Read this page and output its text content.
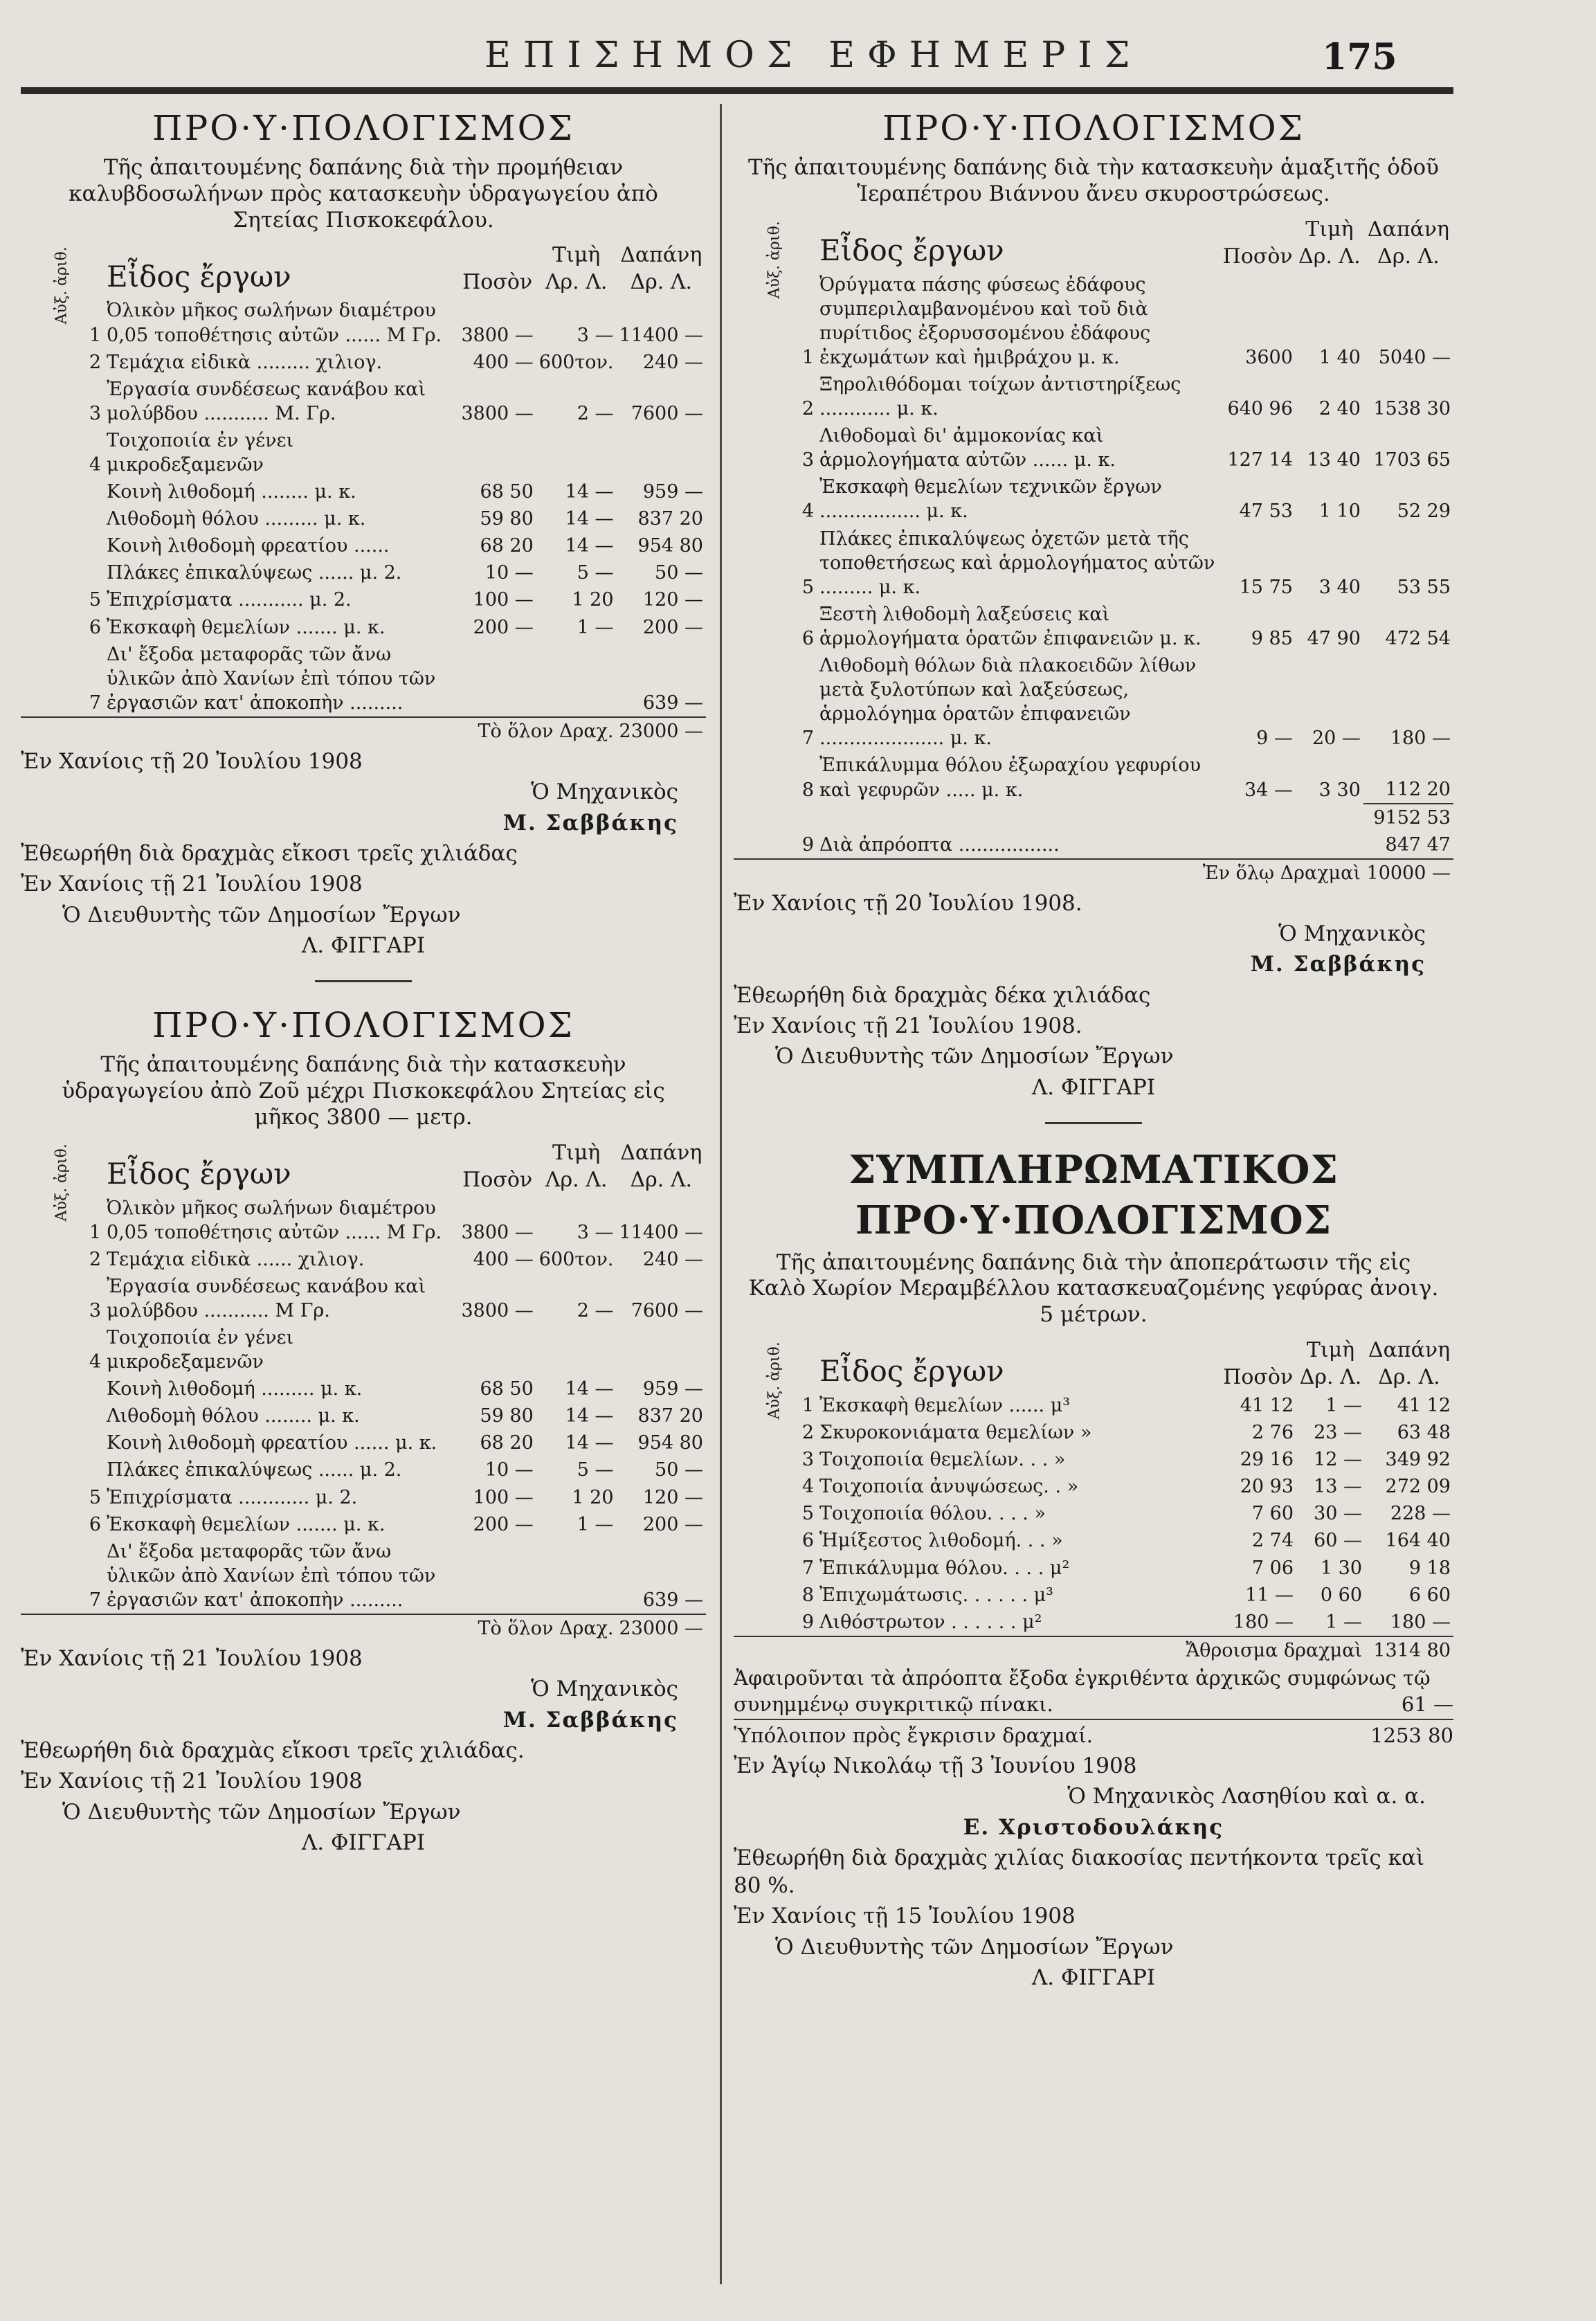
ΕΠΙΣΗΜΟΣ ΕΦΗΜΕΡΙΣ	175
ΠΡΟ·Υ·ΠΟΛΟΓΙΣΜΟΣ
Τῆς ἀπαιτουμένης δαπάνης διὰ τὴν προμήθειαν καλυβδοσωλήνων πρὸς κατασκευὴν ὑδραγωγείου ἀπὸ Σητείας Πισκοκεφάλου.
Αὐξ. ἀριθ.	Εἶδος ἔργων	Ποσὸν	Τιμὴ
Λρ. Λ.	Δαπάνη
Δρ. Λ.
1	Ὀλικὸν μῆκος σωλήνων διαμέτρου 0,05 τοποθέτησις αὐτῶν ...... Μ Γρ.	3800 —	3 —	11400 —
2	Τεμάχια εἰδικὰ ......... χιλιογ.	400 —	600τον.	240 —
3	Ἐργασία συνδέσεως κανάβου καὶ μολύβδου ........... Μ. Γρ.	3800 —	2 —	7600 —
4	Τοιχοποιία ἐν γένει μικροδεξαμενῶν			
	Κοινὴ λιθοδομή ........ μ. κ.	68 50	14 —	959 —
	Λιθοδομὴ θόλου ......... μ. κ.	59 80	14 —	837 20
	Κοινὴ λιθοδομὴ φρεατίου ......	68 20	14 —	954 80
	Πλάκες ἐπικαλύψεως ...... μ. 2.	10 —	5 —	50 —
5	Ἐπιχρίσματα ........... μ. 2.	100 —	1 20	120 —
6	Ἐκσκαφὴ θεμελίων ....... μ. κ.	200 —	1 —	200 —
7	Δι' ἔξοδα μεταφορᾶς τῶν ἄνω ὑλικῶν ἀπὸ Χανίων ἐπὶ τόπου τῶν ἐργασιῶν κατ' ἀποκοπὴν .........			639 —
	Τὸ ὅλον Δραχ.			23000 —
Ἐν Χανίοις τῇ 20 Ἰουλίου 1908
Ὁ Μηχανικὸς
Μ. Σαββάκης
Ἐθεωρήθη διὰ δραχμὰς εἴκοσι τρεῖς χιλιάδας
Ἐν Χανίοις τῇ 21 Ἰουλίου 1908
Ὁ Διευθυντὴς τῶν Δημοσίων Ἔργων
Λ. ΦΙΓΓΑΡΙ
ΠΡΟ·Υ·ΠΟΛΟΓΙΣΜΟΣ
Τῆς ἀπαιτουμένης δαπάνης διὰ τὴν κατασκευὴν ὑδραγωγείου ἀπὸ Ζοῦ μέχρι Πισκοκεφάλου Σητείας εἰς μῆκος 3800 — μετρ.
Αὐξ. ἀριθ.	Εἶδος ἔργων	Ποσὸν	Τιμὴ
Λρ. Λ.	Δαπάνη
Δρ. Λ.
1	Ὀλικὸν μῆκος σωλήνων διαμέτρου 0,05 τοποθέτησις αὐτῶν ...... Μ Γρ.	3800 —	3 —	11400 —
2	Τεμάχια εἰδικὰ ...... χιλιογ.	400 —	600τον.	240 —
3	Ἐργασία συνδέσεως κανάβου καὶ μολύβδου ........... Μ Γρ.	3800 —	2 —	7600 —
4	Τοιχοποιία ἐν γένει μικροδεξαμενῶν			
	Κοινὴ λιθοδομή ......... μ. κ.	68 50	14 —	959 —
	Λιθοδομὴ θόλου ........ μ. κ.	59 80	14 —	837 20
	Κοινὴ λιθοδομὴ φρεατίου ...... μ. κ.	68 20	14 —	954 80
	Πλάκες ἐπικαλύψεως ...... μ. 2.	10 —	5 —	50 —
5	Ἐπιχρίσματα ............ μ. 2.	100 —	1 20	120 —
6	Ἐκσκαφὴ θεμελίων ....... μ. κ.	200 —	1 —	200 —
7	Δι' ἔξοδα μεταφορᾶς τῶν ἄνω ὑλικῶν ἀπὸ Χανίων ἐπὶ τόπου τῶν ἐργασιῶν κατ' ἀποκοπὴν .........			639 —
	Τὸ ὅλον Δραχ.			23000 —
Ἐν Χανίοις τῇ 21 Ἰουλίου 1908
Ὁ Μηχανικὸς
Μ. Σαββάκης
Ἐθεωρήθη διὰ δραχμὰς εἴκοσι τρεῖς χιλιάδας.
Ἐν Χανίοις τῇ 21 Ἰουλίου 1908
Ὁ Διευθυντὴς τῶν Δημοσίων Ἔργων
Λ. ΦΙΓΓΑΡΙ
ΠΡΟ·Υ·ΠΟΛΟΓΙΣΜΟΣ
Τῆς ἀπαιτουμένης δαπάνης διὰ τὴν κατασκευὴν ἁμαξιτῆς ὁδοῦ Ἱεραπέτρου Βιάννου ἄνευ σκυροστρώσεως.
Αὐξ. ἀριθ.	Εἶδος ἔργων	Ποσὸν	Τιμὴ
Δρ. Λ.	Δαπάνη
Δρ. Λ.
1	Ὀρύγματα πάσης φύσεως ἐδάφους συμπεριλαμβανομένου καὶ τοῦ διὰ πυρίτιδος ἐξορυσσομένου ἐδάφους ἐκχωμάτων καὶ ἡμιβράχου μ. κ.	3600	1 40	5040 —
2	Ξηρολιθόδομαι τοίχων ἀντιστηρίξεως ............ μ. κ.	640 96	2 40	1538 30
3	Λιθοδομαὶ δι' ἀμμοκονίας καὶ ἁρμολογήματα αὐτῶν ...... μ. κ.	127 14	13 40	1703 65
4	Ἐκσκαφὴ θεμελίων τεχνικῶν ἔργων ................. μ. κ.	47 53	1 10	52 29
5	Πλάκες ἐπικαλύψεως ὀχετῶν μετὰ τῆς τοποθετήσεως καὶ ἁρμολογήματος αὐτῶν ......... μ. κ.	15 75	3 40	53 55
6	Ξεστὴ λιθοδομὴ λαξεύσεις καὶ ἁρμολογήματα ὁρατῶν ἐπιφανειῶν μ. κ.	9 85	47 90	472 54
7	Λιθοδομὴ θόλων διὰ πλακοειδῶν λίθων μετὰ ξυλοτύπων καὶ λαξεύσεως, ἁρμολόγημα ὁρατῶν ἐπιφανειῶν ..................... μ. κ.	9 —	20 —	180 —
8	Ἐπικάλυμμα θόλου ἐξωραχίου γεφυρίου καὶ γεφυρῶν ..... μ. κ.	34 —	3 30	112 20
				9152 53
9	Διὰ ἀπρόοπτα .................			847 47
	Ἐν ὅλῳ Δραχμαὶ			10000 —
Ἐν Χανίοις τῇ 20 Ἰουλίου 1908.
Ὁ Μηχανικὸς
Μ. Σαββάκης
Ἐθεωρήθη διὰ δραχμὰς δέκα χιλιάδας
Ἐν Χανίοις τῇ 21 Ἰουλίου 1908.
Ὁ Διευθυντὴς τῶν Δημοσίων Ἔργων
Λ. ΦΙΓΓΑΡΙ
ΣΥΜΠΛΗΡΩΜΑΤΙΚΟΣ ΠΡΟ·Υ·ΠΟΛΟΓΙΣΜΟΣ
Τῆς ἀπαιτουμένης δαπάνης διὰ τὴν ἀποπεράτωσιν τῆς εἰς Καλὸ Χωρίον Μεραμβέλλου κατασκευαζομένης γεφύρας ἀνοιγ. 5 μέτρων.
Αὐξ. ἀριθ.	Εἶδος ἔργων	Ποσὸν	Τιμὴ
Δρ. Λ.	Δαπάνη
Δρ. Λ.
1	Ἐκσκαφὴ θεμελίων ...... μ³	41 12	1 —	41 12
2	Σκυροκονιάματα θεμελίων »	2 76	23 —	63 48
3	Τοιχοποιία θεμελίων. . . »	29 16	12 —	349 92
4	Τοιχοποιία ἀνυψώσεως. . »	20 93	13 —	272 09
5	Τοιχοποιία θόλου. . . . »	7 60	30 —	228 —
6	Ἡμίξεστος λιθοδομή. . . »	2 74	60 —	164 40
7	Ἐπικάλυμμα θόλου. . . . μ²	7 06	1 30	9 18
8	Ἐπιχωμάτωσις. . . . . . μ³	11 —	0 60	6 60
9	Λιθόστρωτον . . . . . . μ²	180 —	1 —	180 —
	Ἄθροισμα δραχμαὶ			1314 80
Ἀφαιροῦνται τὰ ἀπρόοπτα ἔξοδα ἐγκριθέντα ἀρχικῶς συμφώνως τῷ συνημμένῳ συγκριτικῷ πίνακι.	61 —
Ὑπόλοιπον πρὸς ἔγκρισιν δραχμαί.	1253 80
Ἐν Ἁγίῳ Νικολάῳ τῇ 3 Ἰουνίου 1908
Ὁ Μηχανικὸς Λασηθίου καὶ α. α.
Ε. Χριστοδουλάκης
Ἐθεωρήθη διὰ δραχμὰς χιλίας διακοσίας πεντήκοντα τρεῖς καὶ 80 %.
Ἐν Χανίοις τῇ 15 Ἰουλίου 1908
Ὁ Διευθυντὴς τῶν Δημοσίων Ἔργων
Λ. ΦΙΓΓΑΡΙ
